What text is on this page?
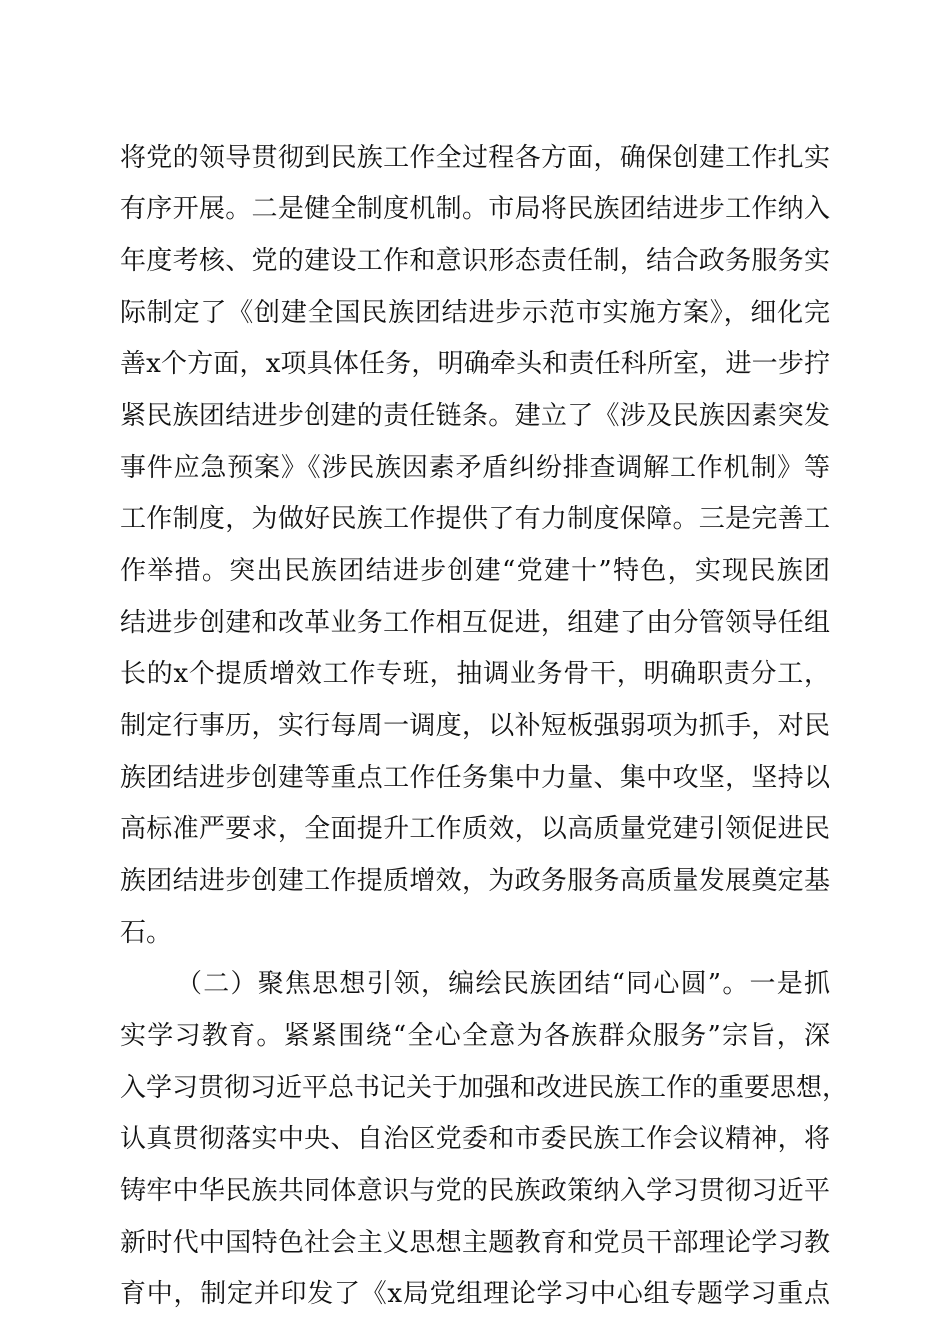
将党的领导贯彻到民族工作全过程各方面，确保创建工作扎实
有序开展。二是健全制度机制。市局将民族团结进步工作纳入
年度考核、党的建设工作和意识形态责任制，结合政务服务实
际制定了《创建全国民族团结进步示范市实施方案》，细化完
善x个方面，x项具体任务，明确牵头和责任科所室，进一步拧
紧民族团结进步创建的责任链条。建立了《涉及民族因素突发
事件应急预案》《涉民族因素矛盾纠纷排查调解工作机制》等
工作制度，为做好民族工作提供了有力制度保障。三是完善工
作举措。突出民族团结进步创建“党建十”特色，实现民族团
结进步创建和改革业务工作相互促进，组建了由分管领导任组
长的x个提质增效工作专班，抽调业务骨干，明确职责分工，
制定行事历，实行每周一调度，以补短板强弱项为抓手，对民
族团结进步创建等重点工作任务集中力量、集中攻坚，坚持以
高标准严要求，全面提升工作质效，以高质量党建引领促进民
族团结进步创建工作提质增效，为政务服务高质量发展奠定基
石。
（二）聚焦思想引领，编绘民族团结“同心圆”。一是抓
实学习教育。紧紧围绕“全心全意为各族群众服务”宗旨，深
入学习贯彻习近平总书记关于加强和改进民族工作的重要思想，
认真贯彻落实中央、自治区党委和市委民族工作会议精神，将
铸牢中华民族共同体意识与党的民族政策纳入学习贯彻习近平
新时代中国特色社会主义思想主题教育和党员干部理论学习教
育中，制定并印发了《x局党组理论学习中心组专题学习重点
